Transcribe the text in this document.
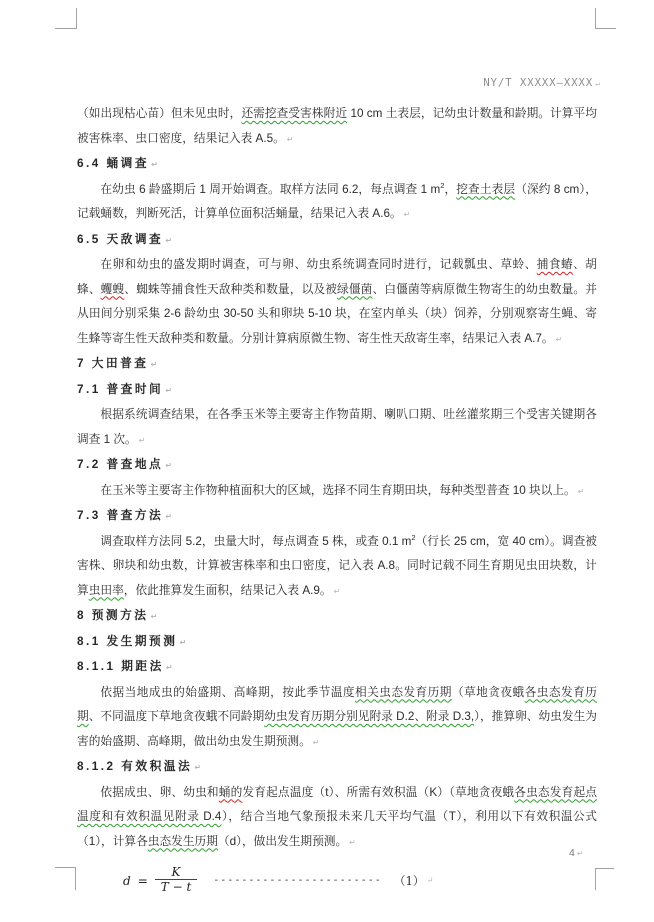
NY/T XXXXX—XXXX ↵

（如出现枯心苗）但未见虫时，还需挖查受害株附近 10 cm 土表层，记幼虫计数量和龄期。计算平均被害株率、虫口密度，结果记入表 A.5。 ↵

6.4 蛹调查 ↵

在幼虫 6 龄盛期后 1 周开始调查。取样方法同 6.2，每点调查 1 $m^2$，挖查土表层（深约 8 cm），记载蛹数，判断死活，计算单位面积活蛹量，结果记入表 A.6。 ↵

6.5 天敌调查 ↵

在卵和幼虫的盛发期时调查，可与卵、幼虫系统调查同时进行，记载瓢虫、草蛉、捕食蝽、胡蜂、蠼螋、蜘蛛等捕食性天敌种类和数量，以及被绿僵菌、白僵菌等病原微生物寄生的幼虫数量。并从田间分别采集 2-6 龄幼虫 30-50 头和卵块 5-10 块，在室内单头（块）饲养，分别观察寄生蝇、寄生蜂等寄生性天敌种类和数量。分别计算病原微生物、寄生性天敌寄生率，结果记入表 A.7。 ↵

7 大田普查 ↵
7.1 普查时间 ↵

根据系统调查结果，在各季玉米等主要寄主作物苗期、喇叭口期、吐丝灌浆期三个受害关键期各调查 1 次。 ↵

7.2 普查地点 ↵

在玉米等主要寄主作物种植面积大的区域，选择不同生育期田块，每种类型普查 10 块以上。 ↵

7.3 普查方法 ↵

调查取样方法同 5.2，虫量大时，每点调查 5 株，或查 0.1 $m^2$（行长 25 cm，宽 40 cm）。调查被害株、卵块和幼虫数，计算被害株率和虫口密度，记入表 A.8。同时记载不同生育期见虫田块数，计算虫田率，依此推算发生面积，结果记入表 A.9。 ↵

8 预测方法 ↵
8.1 发生期预测 ↵
8.1.1 期距法 ↵

依据当地成虫的始盛期、高峰期，按此季节温度相关虫态发育历期（草地贪夜蛾各虫态发育历期、不同温度下草地贪夜蛾不同龄期幼虫发育历期分别见附录 D.2、附录 D.3,），推算卵、幼虫发生为害的始盛期、高峰期，做出幼虫发生期预测。 ↵

8.1.2 有效积温法 ↵

依据成虫、卵、幼虫和蛹的发育起点温度（t）、所需有效积温（K）（草地贪夜蛾各虫态发育起点温度和有效积温见附录 D.4），结合当地气象预报未来几天平均气温（T），利用以下有效积温公式（1），计算各虫态发生历期（d），做出发生期预测。 ↵

$d = \frac{K}{T - t}$ ------------------------ （1） ↵
4 ↵
